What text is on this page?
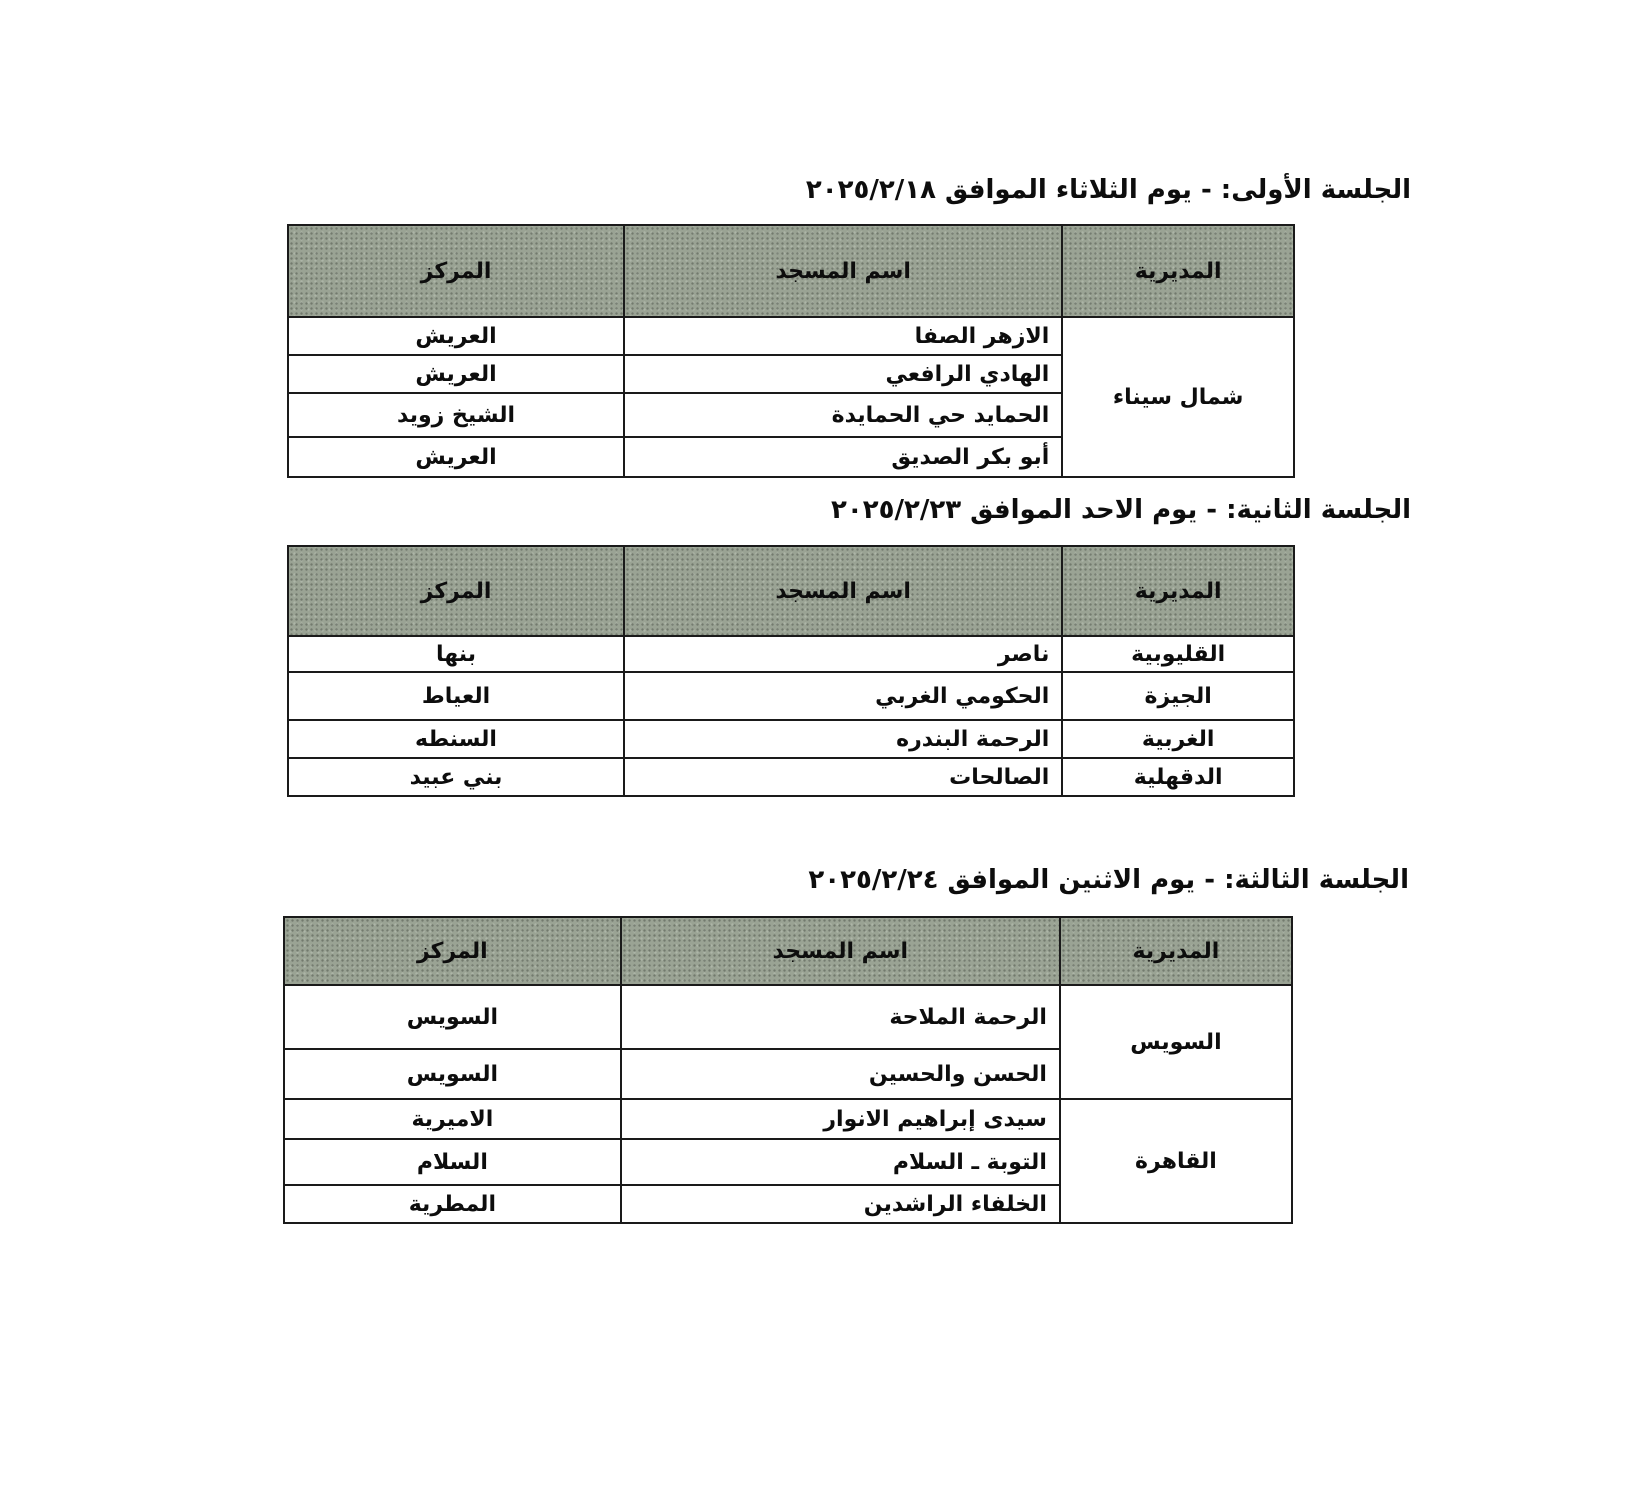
الجلسة الأولى: - يوم الثلاثاء الموافق ٢٠٢٥/٢/١٨
المديرية	اسم المسجد	المركز
شمال سيناء	الازهر الصفا	العريش
	الهادي الرافعي	العريش
	الحمايد حي الحمايدة	الشيخ زويد
	أبو بكر الصديق	العريش
الجلسة الثانية: - يوم الاحد الموافق ٢٠٢٥/٢/٢٣
المديرية	اسم المسجد	المركز
القليوبية	ناصر	بنها
الجيزة	الحكومي الغربي	العياط
الغربية	الرحمة البندره	السنطه
الدقهلية	الصالحات	بني عبيد
الجلسة الثالثة: - يوم الاثنين الموافق ٢٠٢٥/٢/٢٤
المديرية	اسم المسجد	المركز
السويس	الرحمة الملاحة	السويس
	الحسن والحسين	السويس
القاهرة	سيدى إبراهيم الانوار	الاميرية
	التوبة ـ السلام	السلام
	الخلفاء الراشدين	المطرية
